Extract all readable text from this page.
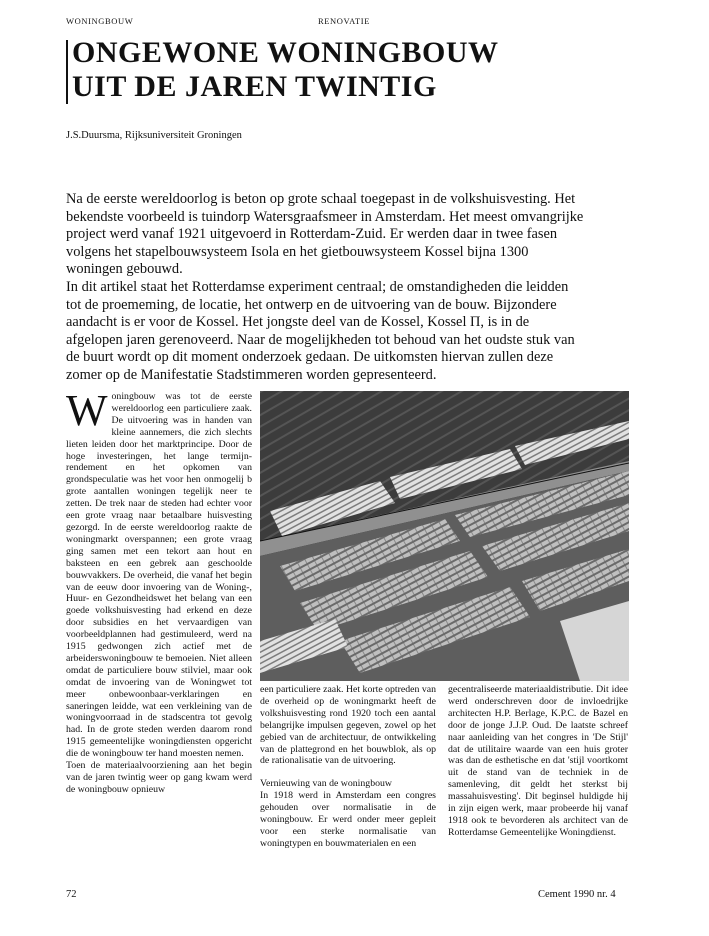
WONINGBOUW	RENOVATIE
ONGEWONE WONINGBOUW
UIT DE JAREN TWINTIG
J.S.Duursma, Rijksuniversiteit Groningen

Na de eerste wereldoorlog is beton op grote schaal toegepast in de volkshuisvesting. Het bekendste voorbeeld is tuindorp Watersgraafsmeer in Amsterdam. Het meest omvangrijke project werd vanaf 1921 uitgevoerd in Rotterdam-Zuid. Er werden daar in twee fasen volgens het stapelbouwsysteem Isola en het gietbouwsysteem Kossel bijna 1300 woningen gebouwd.

In dit artikel staat het Rotterdamse experiment centraal; de omstandigheden die leidden tot de proememing, de locatie, het ontwerp en de uitvoering van de bouw. Bijzondere aandacht is er voor de Kossel. Het jongste deel van de Kossel, Kossel Π, is in de afgelopen jaren gerenoveerd. Naar de mogelijkheden tot behoud van het oudste stuk van de buurt wordt op dit moment onderzoek gedaan. De uitkomsten hiervan zullen deze zomer op de Manifestatie Stadstimmeren worden gepresenteerd.

Woningbouw was tot de eerste wereldoorlog een particuliere zaak. De uitvoering was in handen van kleine aannemers, die zich slechts lieten leiden door het marktprincipe. Door de hoge investeringen, het lange termijn-rendement en het opkomen van grondspeculatie was het voor hen onmogelij b grote aantallen woningen tegelijk neer te zetten. De trek naar de steden had echter voor een grote vraag naar betaalbare huisvesting gezorgd. In de eerste wereldoorlog raakte de woningmarkt overspannen; een grote vraag ging samen met een tekort aan hout en baksteen en een gebrek aan geschoolde bouwvakkers. De overheid, die vanaf het begin van de eeuw door invoering van de Woning-, Huur- en Gezondheidswet het belang van een goede volkshuisvesting had erkend en deze door subsidies en het vervaardigen van voorbeeldplannen had gestimuleerd, werd na 1915 gedwongen zich actief met de arbeiderswoningbouw te bemoeien. Niet alleen omdat de particuliere bouw stilviel, maar ook omdat de invoering van de Woningwet tot meer onbewoonbaar-verklaringen en saneringen leidde, wat een verkleining van de woningvoorraad in de stadscentra tot gevolg had. In de grote steden werden daarom rond 1915 gemeentelijke woningdiensten opgericht die de woningbouw ter hand moesten nemen.

Toen de materiaalvoorziening aan het begin van de jaren twintig weer op gang kwam werd de woningbouw opnieuw

een particuliere zaak. Het korte optreden van de overheid op de woningmarkt heeft de volkshuisvesting rond 1920 toch een aantal belangrijke impulsen gegeven, zowel op het gebied van de architectuur, de ontwikkeling van de plattegrond en het bouwblok, als op de rationalisatie van de uitvoering.

Vernieuwing van de woningbouw

In 1918 werd in Amsterdam een congres gehouden over normalisatie in de woningbouw. Er werd onder meer gepleit voor een sterke normalisatie van woningtypen en bouwmaterialen en een

gecentraliseerde materiaaldistributie. Dit idee werd onderschreven door de invloedrijke architecten H.P. Berlage, K.P.C. de Bazel en door de jonge J.J.P. Oud. De laatste schreef naar aanleiding van het congres in 'De Stijl' dat de utilitaire waarde van een huis groter was dan de esthetische en dat 'stijl voortkomt uit de stand van de techniek in de samenleving, dit geldt het sterkst bij massahuisvesting'. Dit beginsel huldigde hij in zijn eigen werk, maar probeerde hij vanaf 1918 ook te bevorderen als architect van de Rotterdamse Gemeentelijke Woningdienst.

72	Cement 1990 nr. 4
